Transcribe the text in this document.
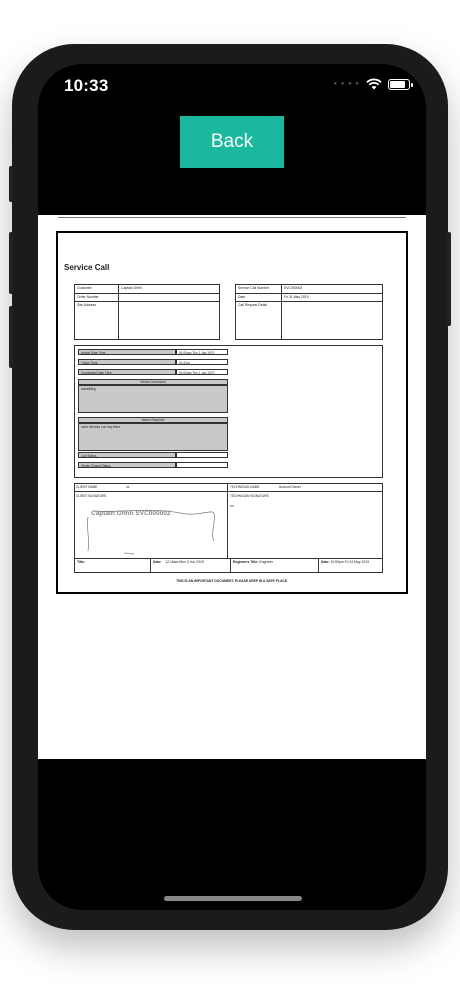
10:33	● ● ● ●
Back
Service Call
Customer	Captain Ghhh
Order Number
Site Address
Service Call Number	SVC000002
Date	Fri 31 May 2019
Call Request Detail
Arrival Date Time	01:00am Thu 1 Jan 1970
Travel Time	0h 41m
Completed Date Time	01:00am Thu 1 Jan 1970
Works Conducted
something
Works Required
none the less I do hey there
Call Status
Works Closed Status
CLIENT NAME	xx	TECHNICIAN NAME	Account Owner
CLIENT SIGNATURE	TECHNICIAN SIGNATURE
nn
Captain Ghhh SVC000002
Title:	Date: 12:18am Mon 3 Jun 2019	Engineers Title: Engineer	Date: 10:50pm Fri 31 May 2019
THIS IS AN IMPORTANT DOCUMENT. PLEASE KEEP IN A SAFE PLACE.
